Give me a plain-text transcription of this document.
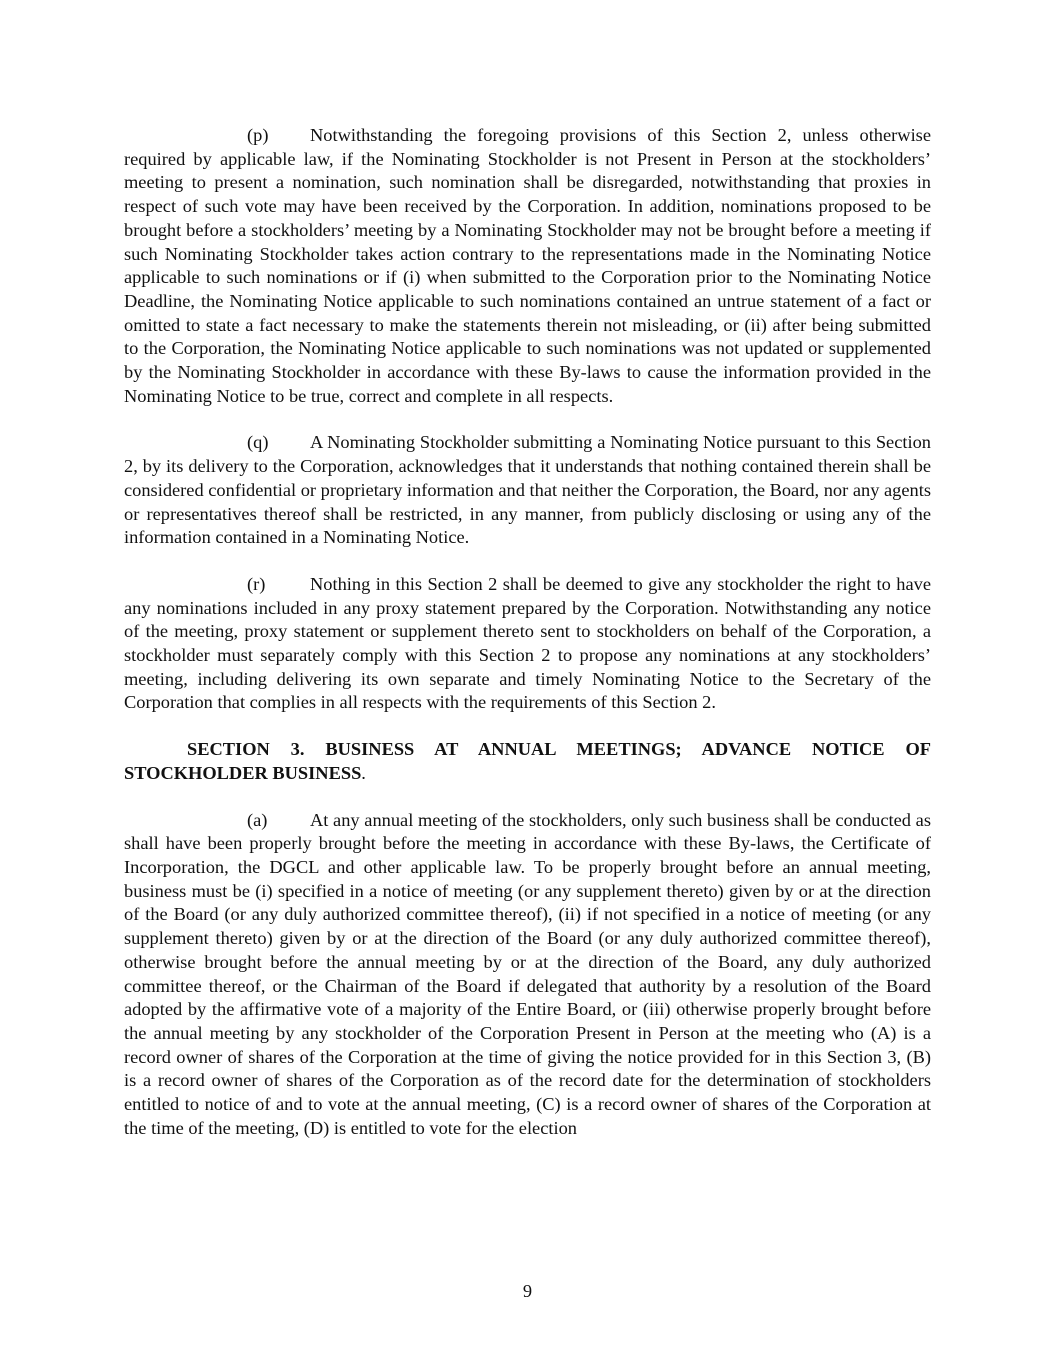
(p) Notwithstanding the foregoing provisions of this Section 2, unless otherwise required by applicable law, if the Nominating Stockholder is not Present in Person at the stockholders’ meeting to present a nomination, such nomination shall be disregarded, notwithstanding that proxies in respect of such vote may have been received by the Corporation. In addition, nominations proposed to be brought before a stockholders’ meeting by a Nominating Stockholder may not be brought before a meeting if such Nominating Stockholder takes action contrary to the representations made in the Nominating Notice applicable to such nominations or if (i) when submitted to the Corporation prior to the Nominating Notice Deadline, the Nominating Notice applicable to such nominations contained an untrue statement of a fact or omitted to state a fact necessary to make the statements therein not misleading, or (ii) after being submitted to the Corporation, the Nominating Notice applicable to such nominations was not updated or supplemented by the Nominating Stockholder in accordance with these By-laws to cause the information provided in the Nominating Notice to be true, correct and complete in all respects.

(q) A Nominating Stockholder submitting a Nominating Notice pursuant to this Section 2, by its delivery to the Corporation, acknowledges that it understands that nothing contained therein shall be considered confidential or proprietary information and that neither the Corporation, the Board, nor any agents or representatives thereof shall be restricted, in any manner, from publicly disclosing or using any of the information contained in a Nominating Notice.

(r) Nothing in this Section 2 shall be deemed to give any stockholder the right to have any nominations included in any proxy statement prepared by the Corporation. Notwithstanding any notice of the meeting, proxy statement or supplement thereto sent to stockholders on behalf of the Corporation, a stockholder must separately comply with this Section 2 to propose any nominations at any stockholders’ meeting, including delivering its own separate and timely Nominating Notice to the Secretary of the Corporation that complies in all respects with the requirements of this Section 2.

SECTION 3. BUSINESS AT ANNUAL MEETINGS; ADVANCE NOTICE OF STOCKHOLDER BUSINESS.

(a) At any annual meeting of the stockholders, only such business shall be conducted as shall have been properly brought before the meeting in accordance with these By-laws, the Certificate of Incorporation, the DGCL and other applicable law. To be properly brought before an annual meeting, business must be (i) specified in a notice of meeting (or any supplement thereto) given by or at the direction of the Board (or any duly authorized committee thereof), (ii) if not specified in a notice of meeting (or any supplement thereto) given by or at the direction of the Board (or any duly authorized committee thereof), otherwise brought before the annual meeting by or at the direction of the Board, any duly authorized committee thereof, or the Chairman of the Board if delegated that authority by a resolution of the Board adopted by the affirmative vote of a majority of the Entire Board, or (iii) otherwise properly brought before the annual meeting by any stockholder of the Corporation Present in Person at the meeting who (A) is a record owner of shares of the Corporation at the time of giving the notice provided for in this Section 3, (B) is a record owner of shares of the Corporation as of the record date for the determination of stockholders entitled to notice of and to vote at the annual meeting, (C) is a record owner of shares of the Corporation at the time of the meeting, (D) is entitled to vote for the election

9
